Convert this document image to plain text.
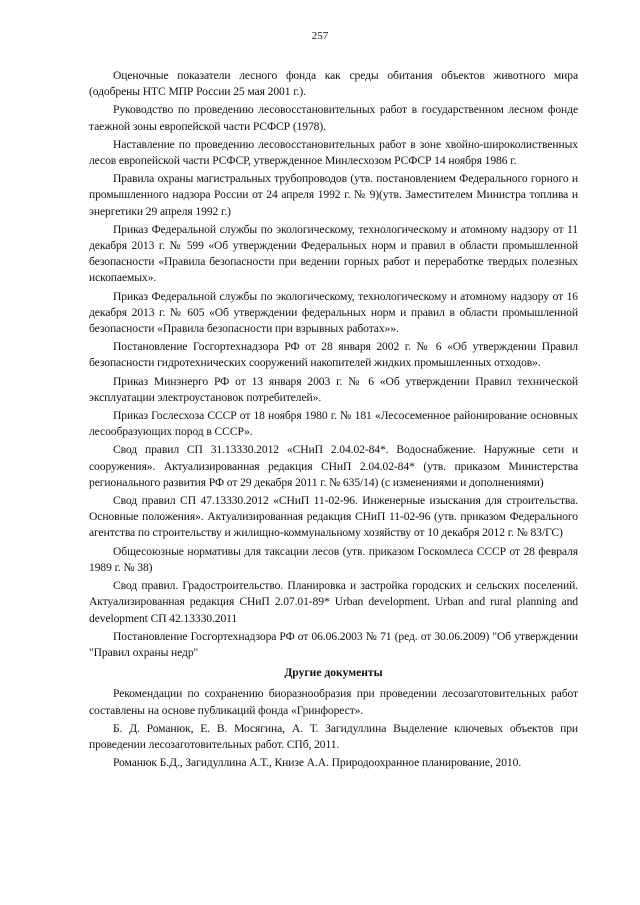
257

Оценочные показатели лесного фонда как среды обитания объектов животного мира (одобрены НТС МПР России 25 мая 2001 г.).

Руководство по проведению лесовосстановительных работ в государственном лесном фонде таежной зоны европейской части РСФСР (1978).

Наставление по проведению лесовосстановительных работ в зоне хвойно-широколиственных лесов европейской части РСФСР, утвержденное Минлесхозом РСФСР 14 ноября 1986 г.

Правила охраны магистральных трубопроводов (утв. постановлением Федерального горного и промышленного надзора России от 24 апреля 1992 г. № 9)(утв. Заместителем Министра топлива и энергетики 29 апреля 1992 г.)

Приказ Федеральной службы по экологическому, технологическому и атомному надзору от 11 декабря 2013 г. № 599 «Об утверждении Федеральных норм и правил в области промышленной безопасности «Правила безопасности при ведении горных работ и переработке твердых полезных ископаемых».

Приказ Федеральной службы по экологическому, технологическому и атомному надзору от 16 декабря 2013 г. № 605 «Об утверждении федеральных норм и правил в области промышленной безопасности «Правила безопасности при взрывных работах»».

Постановление Госгортехнадзора РФ от 28 января 2002 г. № 6 «Об утверждении Правил безопасности гидротехнических сооружений накопителей жидких промышленных отходов».

Приказ Минэнерго РФ от 13 января 2003 г. № 6 «Об утверждении Правил технической эксплуатации электроустановок потребителей».

Приказ Гослесхоза СССР от 18 ноября 1980 г. № 181 «Лесосеменное районирование основных лесообразующих пород в СССР».

Свод правил СП 31.13330.2012 «СНиП 2.04.02-84*. Водоснабжение. Наружные сети и сооружения». Актуализированная редакция СНиП 2.04.02-84* (утв. приказом Министерства регионального развития РФ от 29 декабря 2011 г. № 635/14) (с изменениями и дополнениями)

Свод правил СП 47.13330.2012 «СНиП 11-02-96. Инженерные изыскания для строительства. Основные положения». Актуализированная редакция СНиП 11-02-96 (утв. приказом Федерального агентства по строительству и жилищно-коммунальному хозяйству от 10 декабря 2012 г. № 83/ГС)

Общесоюзные нормативы для таксации лесов (утв. приказом Госкомлеса СССР от 28 февраля 1989 г. № 38)

Свод правил. Градостроительство. Планировка и застройка городских и сельских поселений. Актуализированная редакция СНиП 2.07.01-89* Urban development. Urban and rural planning and development СП 42.13330.2011

Постановление Госгортехнадзора РФ от 06.06.2003 № 71 (ред. от 30.06.2009) "Об утверждении "Правил охраны недр"

Другие документы

Рекомендации по сохранению биоразнообразия при проведении лесозаготовительных работ составлены на основе публикаций фонда «Гринфорест».

Б. Д. Романюк, Е. В. Мосягина, А. Т. Загидуллина Выделение ключевых объектов при проведении лесозаготовительных работ. СПб, 2011.

Романюк Б.Д., Загидуллина А.Т., Книзе А.А. Природоохранное планирование, 2010.
